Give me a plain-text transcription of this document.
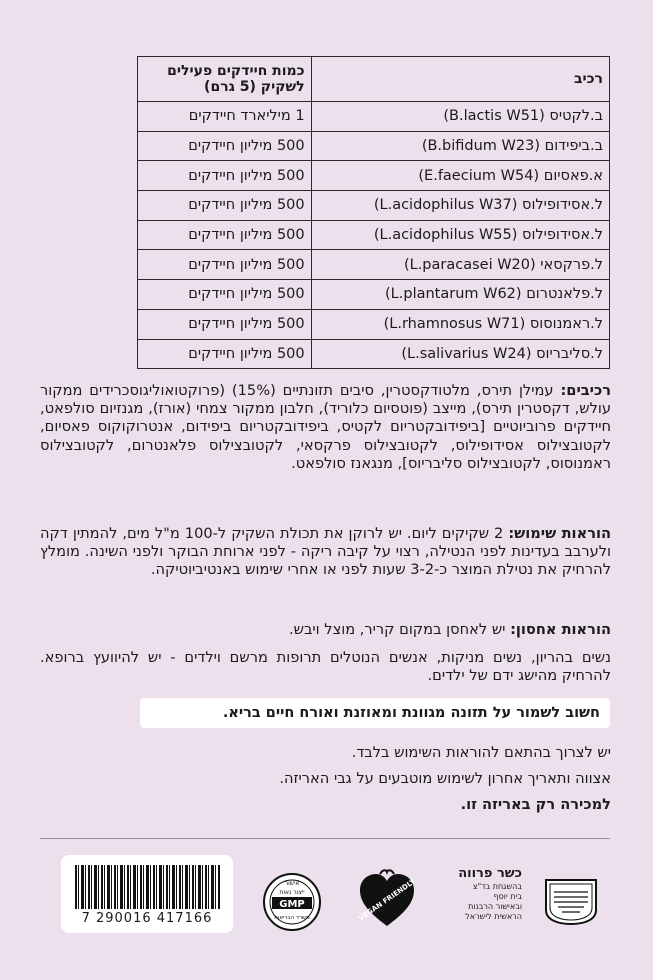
רכיב	כמות חיידקים פעילים
לשקיק (5 גרם)

ב.לקטיס (B.lactis W51)	1 מיליארד חיידקים
ב.ביפידום (B.bifidum W23)	500 מיליון חיידקים
א.פאסיום (E.faecium W54)	500 מיליון חיידקים
ל.אסידופילוס (L.acidophilus W37)	500 מיליון חיידקים
ל.אסידופילוס (L.acidophilus W55)	500 מיליון חיידקים
ל.פרקסאי (L.paracasei W20)	500 מיליון חיידקים
ל.פלאנטרום (L.plantarum W62)	500 מיליון חיידקים
ל.ראמנוסוס (L.rhamnosus W71)	500 מיליון חיידקים
ל.סליבריוס (L.salivarius W24)	500 מיליון חיידקים
רכיבים: עמילן תירס, מלטודקסטרין, סיבים תזונתיים (15%) (פרוקטואוליגוסכרידים ממקור עולש, דקסטרין תירס), מייצב (פוטסיום כלוריד), חלבון ממקור צמחי (אורז), מגנזיום סולפאט, חיידקים פרוביוטיים [ביפידובקטריום לקטיס, ביפידובקטריום ביפידום, אנטרוקוקוס פאסיום, לקטובצילוס אסידופילוס, לקטובצילוס פרקסאי, לקטובצילוס פלאנטרום, לקטובצילוס ראמנוסוס, לקטובצילוס סליבריוס], מנגאנז סולפאט.
הוראות שימוש: 2 שקיקים ליום. יש לרוקן את תכולת השקיק ל-100 מ"ל מים, להמתין דקה ולערבב בעדינות לפני הנטילה, רצוי על קיבה ריקה - לפני ארוחת הבוקר ולפני השינה. מומלץ להרחיק את נטילת המוצר כ-3-2 שעות לפני או אחרי שימוש באנטיביוטיקה.
הוראות אחסון: יש לאחסן במקום קריר, מוצל ויבש.
נשים בהריון, נשים מניקות, אנשים הנוטלים תרופות מרשם וילדים - יש להיוועץ ברופא. להרחיק מהישג ידם של ילדים.
חשוב לשמור על תזונה מגוונת ומאוזנת ואורח חיים בריא.
יש לצרוך בהתאם להוראות השימוש בלבד.
אצווה ותאריך אחרון לשימוש מוטבעים על גבי האריזה.
למכירה רק באריזה זו.
7 290016 417166
אישור
ייצור נאות
GMP
משרד הבריאות	VEGAN FRIENDLY
כשר פרווה
בהשגחת בד"צ
בית יוסף
ובאישור הרבנות
הראשית לישראל
